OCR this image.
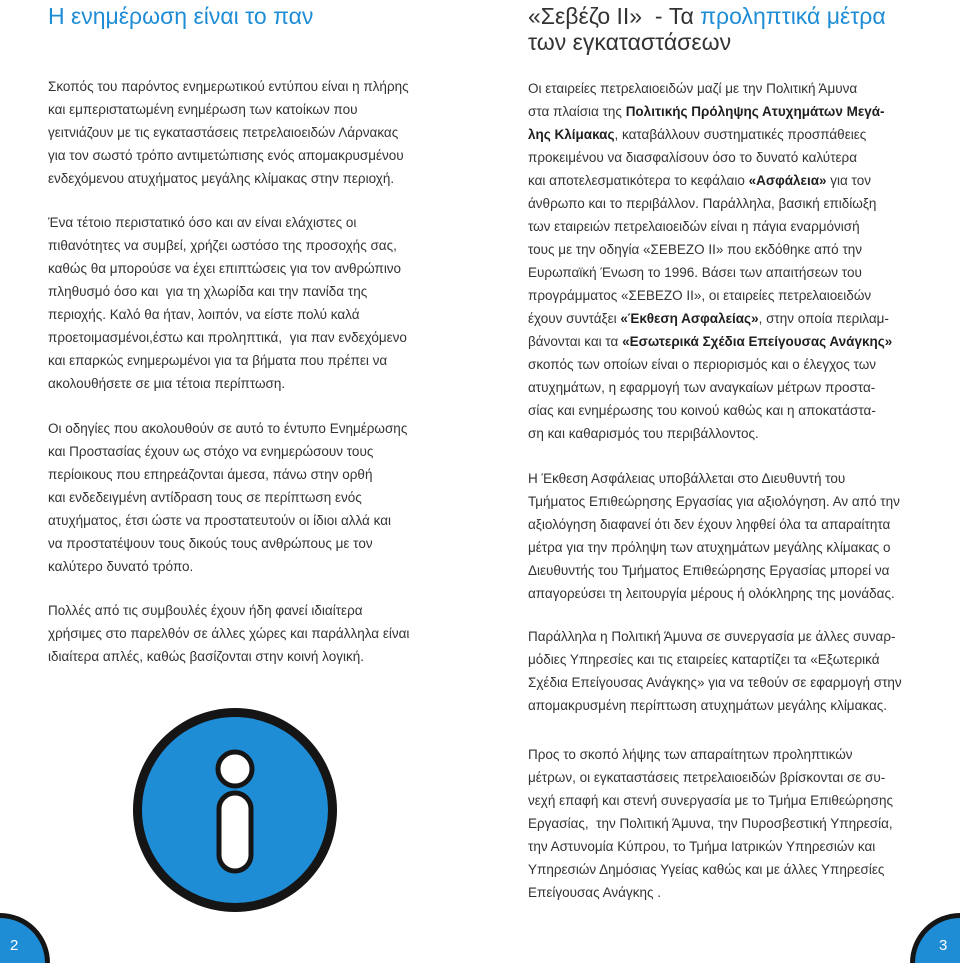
Η ενημέρωση είναι το παν
Σκοπός του παρόντος ενημερωτικού εντύπου είναι η πλήρης
και εμπεριστατωμένη ενημέρωση των κατοίκων που
γειτνιάζουν με τις εγκαταστάσεις πετρελαιοειδών Λάρνακας
για τον σωστό τρόπο αντιμετώπισης ενός απομακρυσμένου
ενδεχόμενου ατυχήματος μεγάλης κλίμακας στην περιοχή.
Ένα τέτοιο περιστατικό όσο και αν είναι ελάχιστες οι
πιθανότητες να συμβεί, χρήζει ωστόσο της προσοχής σας,
καθώς θα μπορούσε να έχει επιπτώσεις για τον ανθρώπινο
πληθυσμό όσο και  για τη χλωρίδα και την πανίδα της
περιοχής. Καλό θα ήταν, λοιπόν, να είστε πολύ καλά
προετοιμασμένοι,έστω και προληπτικά,  για παν ενδεχόμενο
και επαρκώς ενημερωμένοι για τα βήματα που πρέπει να
ακολουθήσετε σε μια τέτοια περίπτωση.
Οι οδηγίες που ακολουθούν σε αυτό το έντυπο Ενημέρωσης
και Προστασίας έχουν ως στόχο να ενημερώσουν τους
περίοικους που επηρεάζονται άμεσα, πάνω στην ορθή
και ενδεδειγμένη αντίδραση τους σε περίπτωση ενός
ατυχήματος, έτσι ώστε να προστατευτούν οι ίδιοι αλλά και
να προστατέψουν τους δικούς τους ανθρώπους με τον
καλύτερο δυνατό τρόπο.
Πολλές από τις συμβουλές έχουν ήδη φανεί ιδιαίτερα
χρήσιμες στο παρελθόν σε άλλες χώρες και παράλληλα είναι
ιδιαίτερα απλές, καθώς βασίζονται στην κοινή λογική.
2
«Σεβέζο II»  - Τα προληπτικά μέτρα
των εγκαταστάσεων
Οι εταιρείες πετρελαιοειδών μαζί με την Πολιτική Άμυνα
στα πλαίσια της Πολιτικής Πρόληψης Ατυχημάτων Μεγά-
λης Κλίμακας, καταβάλλουν συστηματικές προσπάθειες
προκειμένου να διασφαλίσουν όσο το δυνατό καλύτερα
και αποτελεσματικότερα το κεφάλαιο «Ασφάλεια» για τον
άνθρωπο και το περιβάλλον. Παράλληλα, βασική επιδίωξη
των εταιρειών πετρελαιοειδών είναι η πάγια εναρμόνισή
τους με την οδηγία «ΣΕΒΕΖΟ II» που εκδόθηκε από την
Ευρωπαϊκή Ένωση το 1996. Βάσει των απαιτήσεων του
προγράμματος «ΣΕΒΕΖΟ II», οι εταιρείες πετρελαιοειδών
έχουν συντάξει «Έκθεση Ασφαλείας», στην οποία περιλαμ-
βάνονται και τα «Εσωτερικά Σχέδια Επείγουσας Ανάγκης»
σκοπός των οποίων είναι ο περιορισμός και ο έλεγχος των
ατυχημάτων, η εφαρμογή των αναγκαίων μέτρων προστα-
σίας και ενημέρωσης του κοινού καθώς και η αποκατάστα-
ση και καθαρισμός του περιβάλλοντος.
Η Έκθεση Ασφάλειας υποβάλλεται στο Διευθυντή του
Τμήματος Επιθεώρησης Εργασίας για αξιολόγηση. Αν από την
αξιολόγηση διαφανεί ότι δεν έχουν ληφθεί όλα τα απαραίτητα
μέτρα για την πρόληψη των ατυχημάτων μεγάλης κλίμακας ο
Διευθυντής του Τμήματος Επιθεώρησης Εργασίας μπορεί να
απαγορεύσει τη λειτουργία μέρους ή ολόκληρης της μονάδας.
Παράλληλα η Πολιτική Άμυνα σε συνεργασία με άλλες συναρ-
μόδιες Υπηρεσίες και τις εταιρείες καταρτίζει τα «Εξωτερικά
Σχέδια Επείγουσας Ανάγκης» για να τεθούν σε εφαρμογή στην
απομακρυσμένη περίπτωση ατυχημάτων μεγάλης κλίμακας.
Προς το σκοπό λήψης των απαραίτητων προληπτικών
μέτρων, οι εγκαταστάσεις πετρελαιοειδών βρίσκονται σε συ-
νεχή επαφή και στενή συνεργασία με το Τμήμα Επιθεώρησης
Εργασίας,  την Πολιτική Άμυνα, την Πυροσβεστική Υπηρεσία,
την Αστυνομία Κύπρου, το Τμήμα Ιατρικών Υπηρεσιών και
Υπηρεσιών Δημόσιας Υγείας καθώς και με άλλες Υπηρεσίες
Επείγουσας Ανάγκης .
3
